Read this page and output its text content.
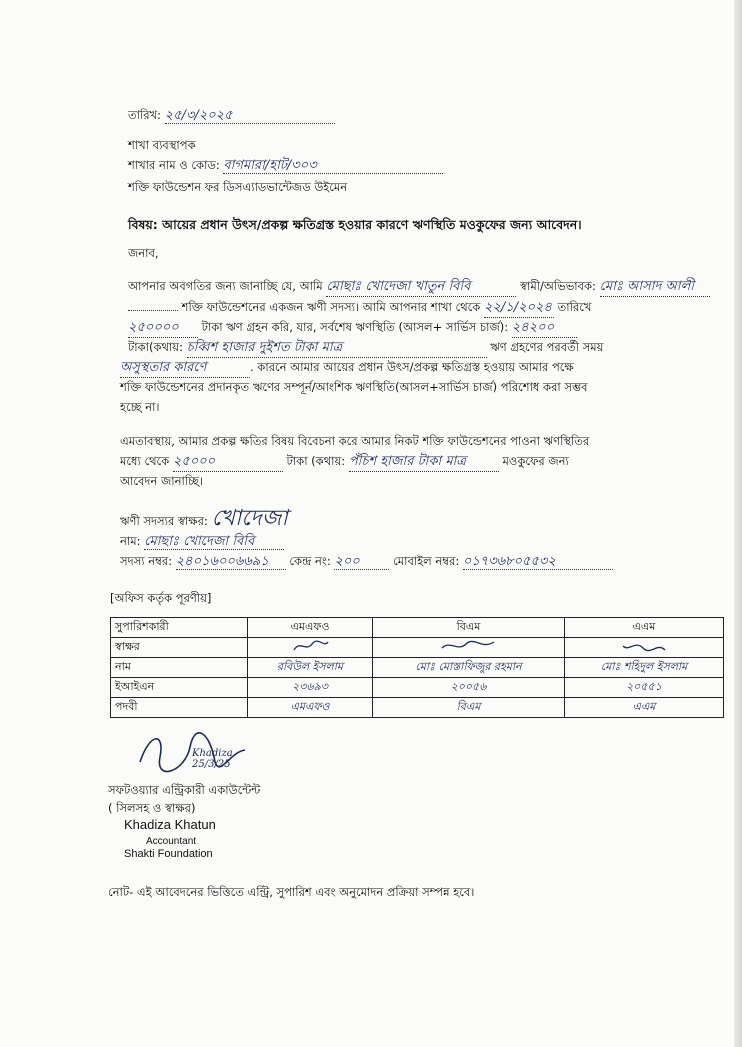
তারিখ: ২৫/৩/২০২৫
শাখা ব্যবস্থাপক
শাখার নাম ও কোড: বাগমারা/হাট/৩০৩
শক্তি ফাউন্ডেশন ফর ডিসএ্যাডভান্টেজড উইমেন
বিষয়: আয়ের প্রধান উৎস/প্রকল্প ক্ষতিগ্রস্ত হওয়ার কারণে ঋণস্থিতি মওকুফের জন্য আবেদন।
জনাব,
আপনার অবগতির জন্য জানাচ্ছি যে, আমি মোছাঃ খোদেজা খাতুন বিবি	স্বামী/অভিভাবক: মোঃ আসাদ আলী
শক্তি ফাউন্ডেশনের একজন ঋণী সদস্য। আমি আপনার শাখা থেকে ২২/১/২০২৪ তারিখে
২৫০০০০ টাকা ঋণ গ্রহন করি, যার, সর্বশেষ ঋণস্থিতি (আসল+ সার্ভিস চার্জ): ২৪২০০
টাকা(কথায়: চব্বিশ হাজার দুইশত টাকা মাত্র	ঋণ গ্রহণের পরবর্তী সময়
অসুস্থতার কারণে	. কারনে আমার আয়ের প্রধান উৎস/প্রকল্প ক্ষতিগ্রস্ত হওয়ায় আমার পক্ষে
শক্তি ফাউন্ডেশনের প্রদানকৃত ঋণের সম্পূর্ন/আংশিক ঋণস্থিতি(আসল+সার্ভিস চার্জ) পরিশোধ করা সম্ভব
হচ্ছে না।
এমতাবস্থায়, আমার প্রকল্প ক্ষতির বিষয় বিবেচনা করে আমার নিকট শক্তি ফাউন্ডেশনের পাওনা ঋণস্থিতির
মধ্যে থেকে ২৫০০০	টাকা (কথায়: পঁচিশ হাজার টাকা মাত্র	মওকুফের জন্য
আবেদন জানাচ্ছি।
ঋণী সদস্যর স্বাক্ষর: খোদেজা
নাম: মোছাঃ খোদেজা বিবি
সদস্য নম্বর: ২৪০১৬০০৬৬৯১ কেন্দ্র নং: ২০০	মোবাইল নম্বর: ০১৭৩৬৮০৫৫৩২
[অফিস কর্তৃক পূরণীয়]
সুপারিশকারী	এমএফও	বিএম	এএম
স্বাক্ষর			
নাম	রবিউল ইসলাম	মোঃ মোস্তাফিজুর রহমান	মোঃ শহিদুল ইসলাম
ইআইএন	২৩৬৯৩	২০০৫৬	২০৫৫১
পদবী	এমএফও	বিএম	এএম
Khadiza 25/3/25
সফটওয়্যার এন্ট্রিকারী একাউন্টেন্ট
( সিলসহ ও স্বাক্ষর)
Khadiza Khatun
Accountant
Shakti Foundation
নোট- এই আবেদনের ভিত্তিতে এন্ট্রি, সুপারিশ এবং অনুমোদন প্রক্রিয়া সম্পন্ন হবে।
